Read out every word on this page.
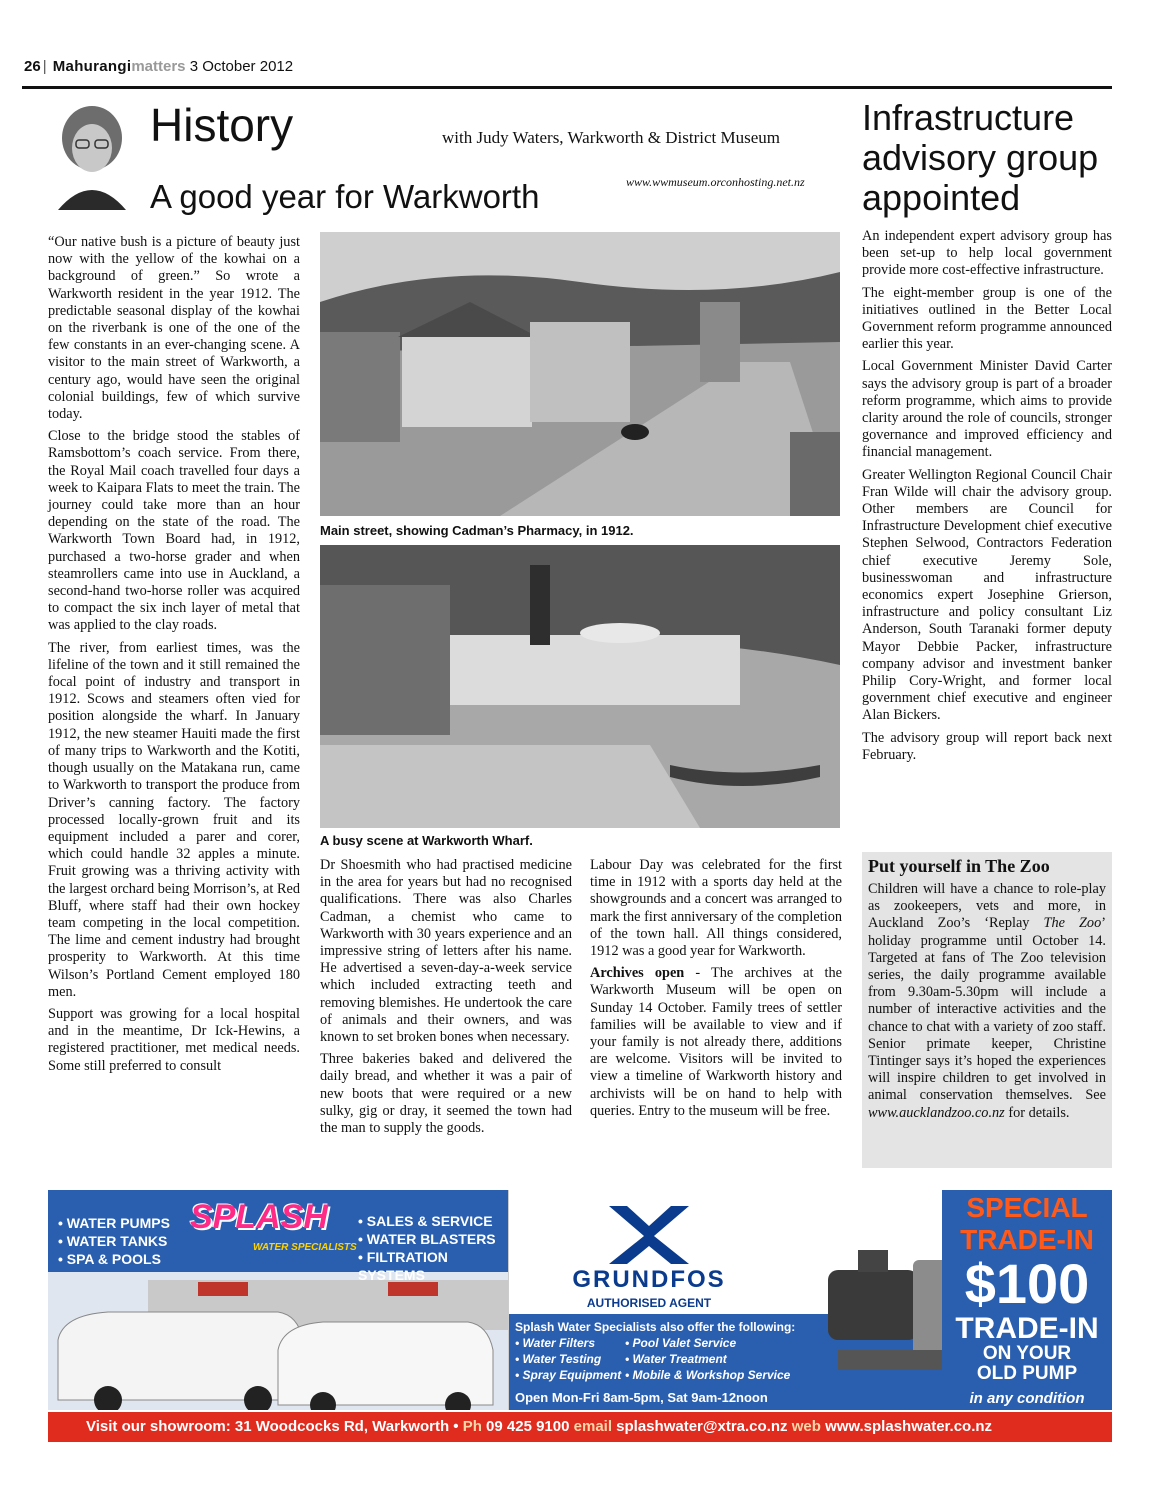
26 | Mahurangimatters 3 October 2012
History	with Judy Waters, Warkworth & District Museum
www.wwmuseum.orconhosting.net.nz
A good year for Warkworth

“Our native bush is a picture of beauty just now with the yellow of the kowhai on a background of green.” So wrote a Warkworth resident in the year 1912. The predictable seasonal display of the kowhai on the riverbank is one of the one of the few constants in an ever-changing scene. A visitor to the main street of Warkworth, a century ago, would have seen the original colonial buildings, few of which survive today.

Close to the bridge stood the stables of Ramsbottom’s coach service. From there, the Royal Mail coach travelled four days a week to Kaipara Flats to meet the train. The journey could take more than an hour depending on the state of the road. The Warkworth Town Board had, in 1912, purchased a two-horse grader and when steamrollers came into use in Auckland, a second-hand two-horse roller was acquired to compact the six inch layer of metal that was applied to the clay roads.

The river, from earliest times, was the lifeline of the town and it still remained the focal point of industry and transport in 1912. Scows and steamers often vied for position alongside the wharf. In January 1912, the new steamer Hauiti made the first of many trips to Warkworth and the Kotiti, though usually on the Matakana run, came to Warkworth to transport the produce from Driver’s canning factory. The factory processed locally-grown fruit and its equipment included a parer and corer, which could handle 32 apples a minute. Fruit growing was a thriving activity with the largest orchard being Morrison’s, at Red Bluff, where staff had their own hockey team competing in the local competition. The lime and cement industry had brought prosperity to Warkworth. At this time Wilson’s Portland Cement employed 180 men.

Support was growing for a local hospital and in the meantime, Dr Ick-Hewins, a registered practitioner, met medical needs. Some still preferred to consult

Main street, showing Cadman’s Pharmacy, in 1912.
A busy scene at Warkworth Wharf.

Dr Shoesmith who had practised medicine in the area for years but had no recognised qualifications. There was also Charles Cadman, a chemist who came to Warkworth with 30 years experience and an impressive string of letters after his name. He advertised a seven-day-a-week service which included extracting teeth and removing blemishes. He undertook the care of animals and their owners, and was known to set broken bones when necessary.

Three bakeries baked and delivered the daily bread, and whether it was a pair of new boots that were required or a new sulky, gig or dray, it seemed the town had the man to supply the goods.

Labour Day was celebrated for the first time in 1912 with a sports day held at the showgrounds and a concert was arranged to mark the first anniversary of the completion of the town hall. All things considered, 1912 was a good year for Warkworth.

Archives open - The archives at the Warkworth Museum will be open on Sunday 14 October. Family trees of settler families will be available to view and if your family is not already there, additions are welcome. Visitors will be invited to view a timeline of Warkworth history and archivists will be on hand to help with queries. Entry to the museum will be free.

Infrastructure advisory group appointed

An independent expert advisory group has been set-up to help local government provide more cost-effective infrastructure.

The eight-member group is one of the initiatives outlined in the Better Local Government reform programme announced earlier this year.

Local Government Minister David Carter says the advisory group is part of a broader reform programme, which aims to provide clarity around the role of councils, stronger governance and improved efficiency and financial management.

Greater Wellington Regional Council Chair Fran Wilde will chair the advisory group. Other members are Council for Infrastructure Development chief executive Stephen Selwood, Contractors Federation chief executive Jeremy Sole, businesswoman and infrastructure economics expert Josephine Grierson, infrastructure and policy consultant Liz Anderson, South Taranaki former deputy Mayor Debbie Packer, infrastructure company advisor and investment banker Philip Cory-Wright, and former local government chief executive and engineer Alan Bickers.

The advisory group will report back next February.

Put yourself in The Zoo

Children will have a chance to role-play as zookeepers, vets and more, in Auckland Zoo’s ‘Replay The Zoo’ holiday programme until October 14. Targeted at fans of The Zoo television series, the daily programme available from 9.30am-5.30pm will include a number of interactive activities and the chance to chat with a variety of zoo staff. Senior primate keeper, Christine Tintinger says it’s hoped the experiences will inspire children to get involved in animal conservation themselves. See www.aucklandzoo.co.nz for details.

• WATER PUMPS
• WATER TANKS
• SPA & POOLS
SPLASH
WATER SPECIALISTS
• SALES & SERVICE
• WATER BLASTERS
• FILTRATION SYSTEMS	GRUNDFOS
AUTHORISED AGENT
Splash Water Specialists also offer the following:
• Water Filters	• Pool Valet Service
• Water Testing	• Water Treatment
• Spray Equipment • Mobile & Workshop Service
Open Mon-Fri 8am-5pm, Sat 9am-12noon
SPECIAL
TRADE-IN
$100
TRADE-IN
ON YOUR
OLD PUMP
in any condition
Visit our showroom: 31 Woodcocks Rd, Warkworth • Ph 09 425 9100 email splashwater@xtra.co.nz web www.splashwater.co.nz
